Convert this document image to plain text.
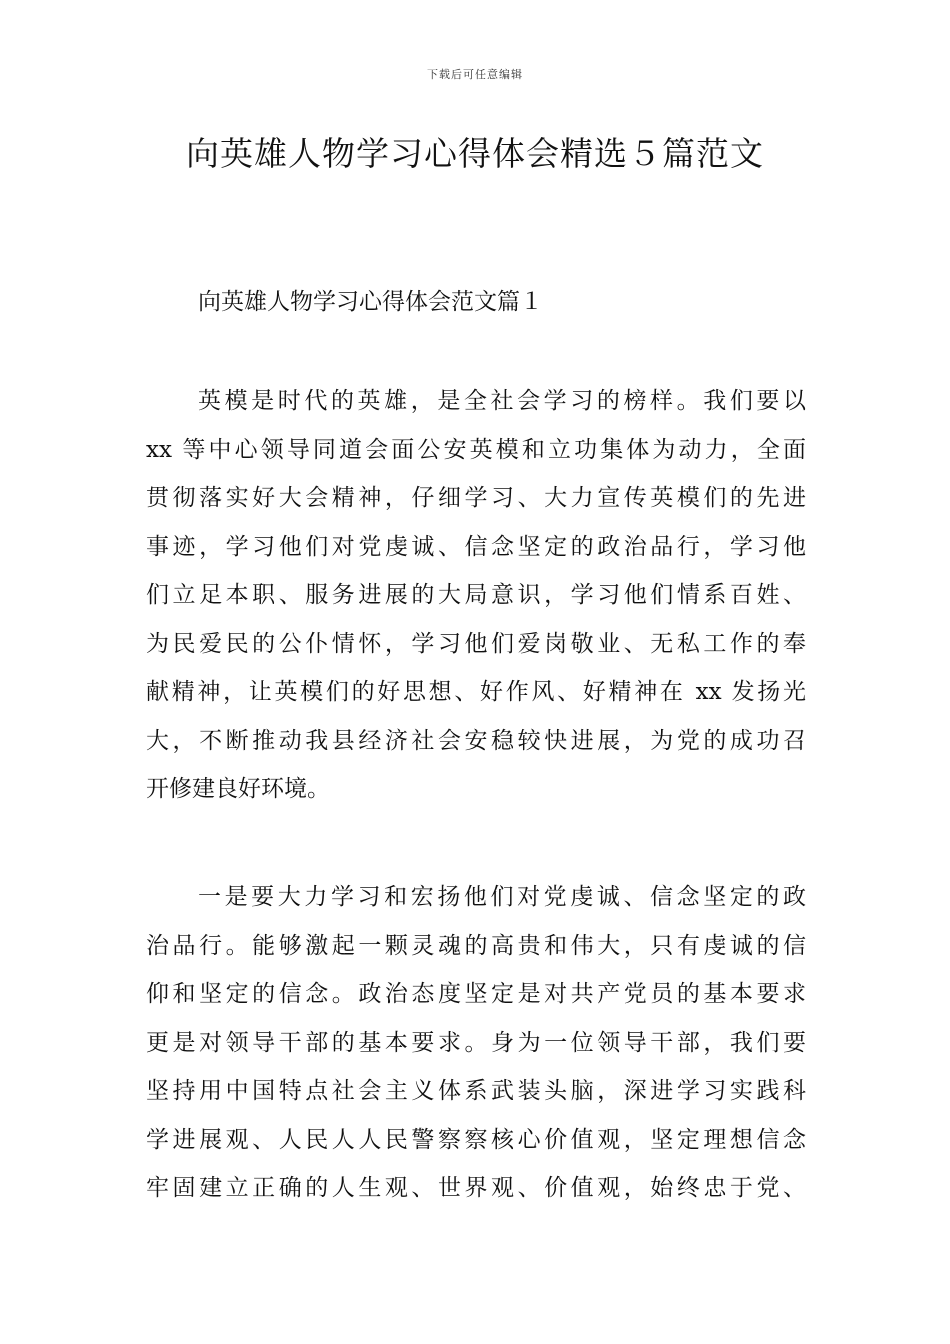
下载后可任意编辑
向英雄人物学习心得体会精选５篇范文
向英雄人物学习心得体会范文篇１
英模是时代的英雄，是全社会学习的榜样。我们要以
xx 等中心领导同道会面公安英模和立功集体为动力，全面
贯彻落实好大会精神，仔细学习、大力宣传英模们的先进
事迹，学习他们对党虔诚、信念坚定的政治品行，学习他
们立足本职、服务进展的大局意识，学习他们情系百姓、
为民爱民的公仆情怀，学习他们爱岗敬业、无私工作的奉
献精神，让英模们的好思想、好作风、好精神在 xx 发扬光
大，不断推动我县经济社会安稳较快进展，为党的成功召
开修建良好环境。
一是要大力学习和宏扬他们对党虔诚、信念坚定的政
治品行。能够激起一颗灵魂的高贵和伟大，只有虔诚的信
仰和坚定的信念。政治态度坚定是对共产党员的基本要求
更是对领导干部的基本要求。身为一位领导干部，我们要
坚持用中国特点社会主义体系武装头脑，深进学习实践科
学进展观、人民人人民警察察核心价值观，坚定理想信念
牢固建立正确的人生观、世界观、价值观，始终忠于党、
